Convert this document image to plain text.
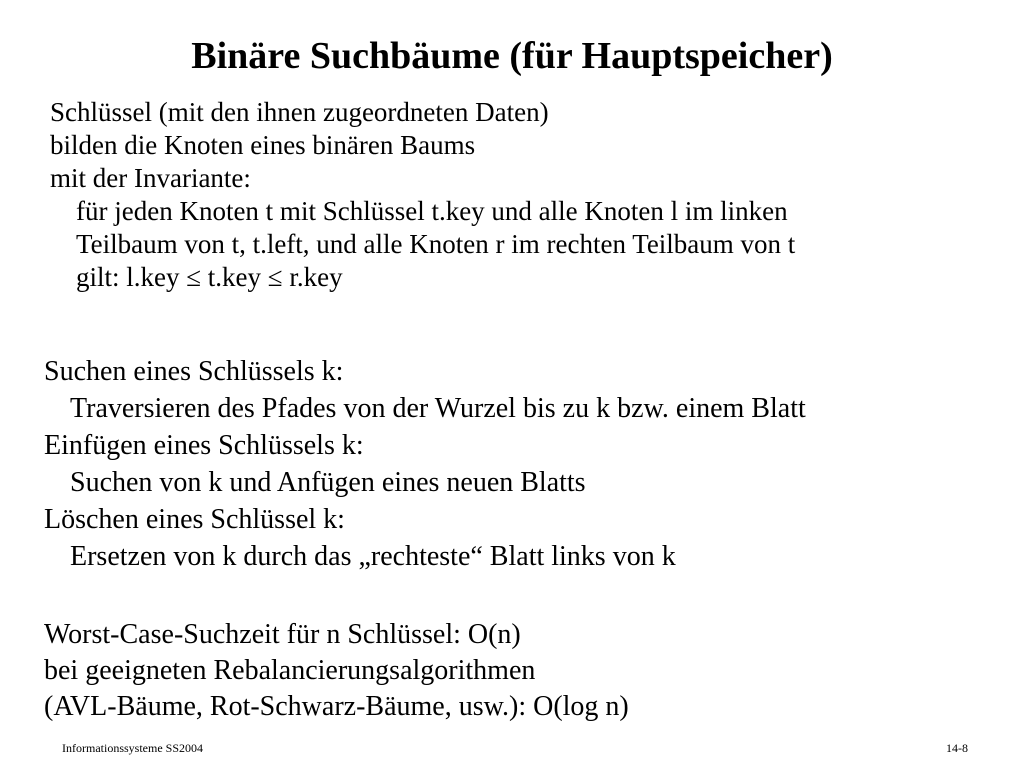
Binäre Suchbäume (für Hauptspeicher)
Schlüssel (mit den ihnen zugeordneten Daten)
bilden die Knoten eines binären Baums
mit der Invariante:
für jeden Knoten t mit Schlüssel t.key und alle Knoten l im linken
Teilbaum von t, t.left, und alle Knoten r im rechten Teilbaum von t
gilt: l.key ≤ t.key ≤ r.key
Suchen eines Schlüssels k:
Traversieren des Pfades von der Wurzel bis zu k bzw. einem Blatt
Einfügen eines Schlüssels k:
Suchen von k und Anfügen eines neuen Blatts
Löschen eines Schlüssel k:
Ersetzen von k durch das „rechteste“ Blatt links von k
Worst-Case-Suchzeit für n Schlüssel: O(n)
bei geeigneten Rebalancierungsalgorithmen
(AVL-Bäume, Rot-Schwarz-Bäume, usw.): O(log n)
Informationssysteme SS2004	14-8
